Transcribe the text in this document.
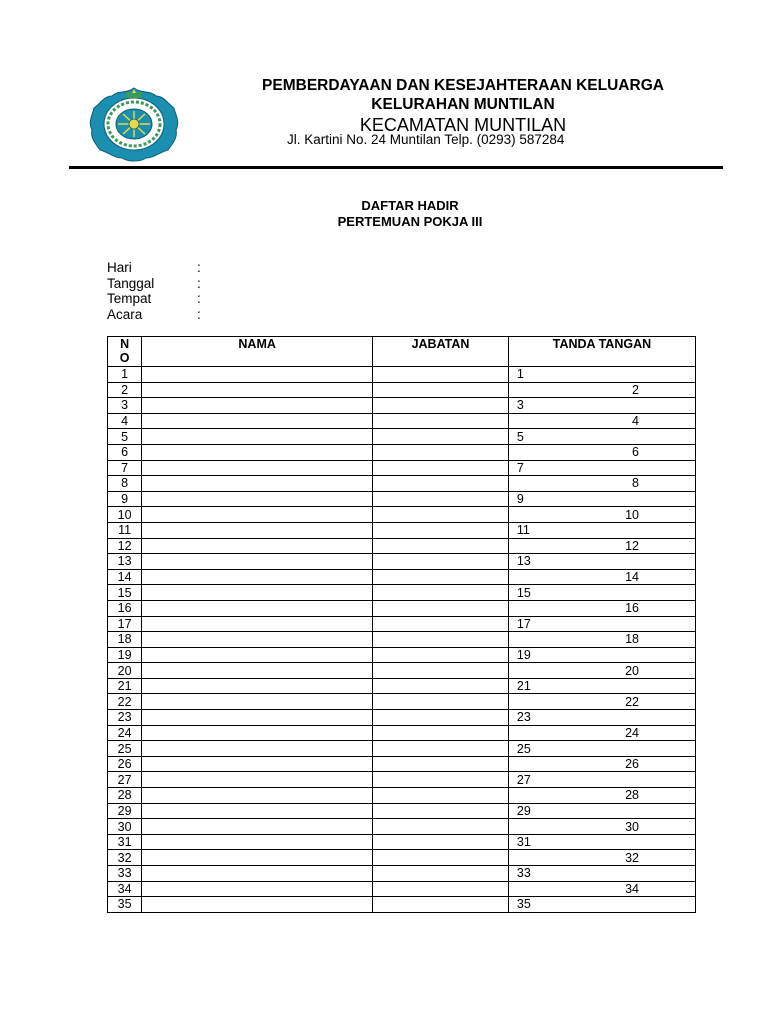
PEMBERDAYAAN DAN KESEJAHTERAAN KELUARGA
KELURAHAN MUNTILAN
KECAMATAN MUNTILAN
Jl. Kartini No. 24 Muntilan Telp. (0293) 587284
DAFTAR HADIR
PERTEMUAN POKJA III
Hari	:
Tanggal	:
Tempat	:
Acara	:
N O	NAMA	JABATAN	TANDA TANGAN
1			1
2			2
3			3
4			4
5			5
6			6
7			7
8			8
9			9
10			10
11			11
12			12
13			13
14			14
15			15
16			16
17			17
18			18
19			19
20			20
21			21
22			22
23			23
24			24
25			25
26			26
27			27
28			28
29			29
30			30
31			31
32			32
33			33
34			34
35			35
